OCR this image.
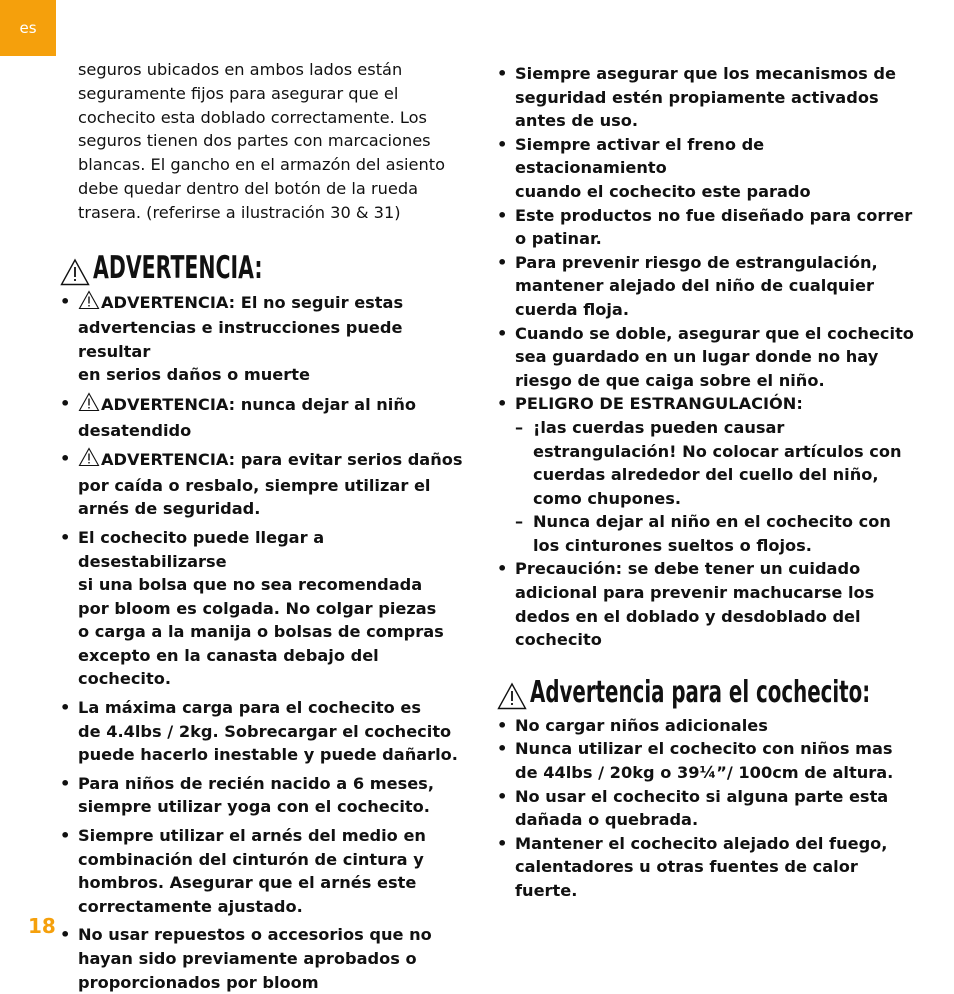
es
seguros ubicados en ambos lados están
seguramente fijos para asegurar que el
cochecito esta doblado correctamente. Los
seguros tienen dos partes con marcaciones
blancas. El gancho en el armazón del asiento
debe quedar dentro del botón de la rueda
trasera. (referirse a ilustración 30 & 31)
ADVERTENCIA:
• ADVERTENCIA: El no seguir estas
advertencias e instrucciones puede resultar
en serios daños o muerte
• ADVERTENCIA: nunca dejar al niño
desatendido
• ADVERTENCIA: para evitar serios daños
por caída o resbalo, siempre utilizar el
arnés de seguridad.
• El cochecito puede llegar a desestabilizarse
si una bolsa que no sea recomendada
por bloom es colgada. No colgar piezas
o carga a la manija o bolsas de compras
excepto en la canasta debajo del cochecito.
• La máxima carga para el cochecito es
de 4.4lbs / 2kg. Sobrecargar el cochecito
puede hacerlo inestable y puede dañarlo.
• Para niños de recién nacido a 6 meses,
siempre utilizar yoga con el cochecito.
• Siempre utilizar el arnés del medio en
combinación del cinturón de cintura y
hombros. Asegurar que el arnés este
correctamente ajustado.
• No usar repuestos o accesorios que no
hayan sido previamente aprobados o
proporcionados por bloom
• Siempre asegurar que los mecanismos de
seguridad estén propiamente activados
antes de uso.
• Siempre activar el freno de estacionamiento
cuando el cochecito este parado
• Este productos no fue diseñado para correr
o patinar.
• Para prevenir riesgo de estrangulación,
mantener alejado del niño de cualquier
cuerda floja.
• Cuando se doble, asegurar que el cochecito
sea guardado en un lugar donde no hay
riesgo de que caiga sobre el niño.
• PELIGRO DE ESTRANGULACIÓN:
– ¡las cuerdas pueden causar
estrangulación! No colocar artículos con
cuerdas alrededor del cuello del niño,
como chupones.
– Nunca dejar al niño en el cochecito con
los cinturones sueltos o flojos.
• Precaución: se debe tener un cuidado
adicional para prevenir machucarse los
dedos en el doblado y desdoblado del
cochecito
Advertencia para el cochecito:
• No cargar niños adicionales
• Nunca utilizar el cochecito con niños mas
de 44lbs / 20kg o 39¼”/ 100cm de altura.
• No usar el cochecito si alguna parte esta
dañada o quebrada.
• Mantener el cochecito alejado del fuego,
calentadores u otras fuentes de calor fuerte.
18
